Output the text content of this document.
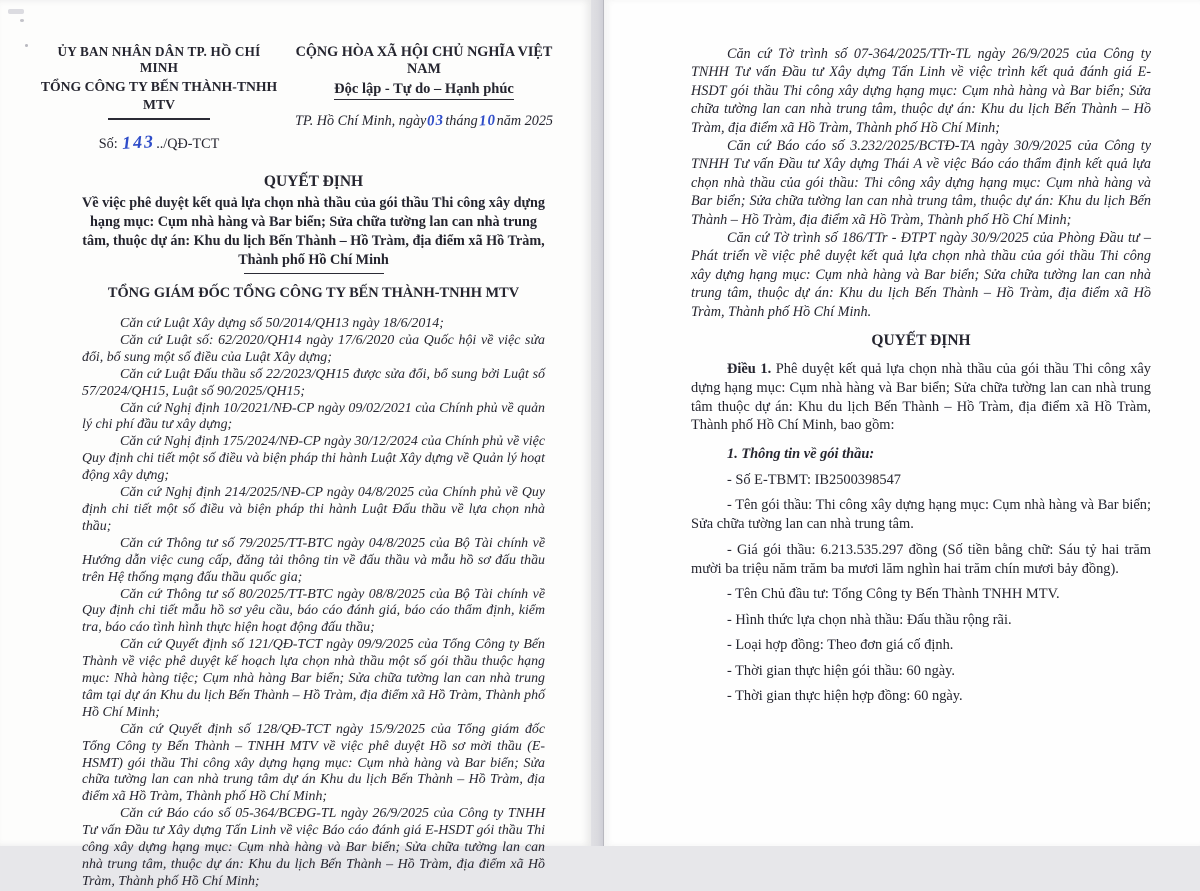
ỦY BAN NHÂN DÂN TP. HỒ CHÍ MINH
TỔNG CÔNG TY BẾN THÀNH-TNHH MTV
Số: 143../QĐ-TCT
CỘNG HÒA XÃ HỘI CHỦ NGHĨA VIỆT NAM
Độc lập - Tự do – Hạnh phúc
TP. Hồ Chí Minh, ngày03tháng10năm 2025
QUYẾT ĐỊNH
Về việc phê duyệt kết quả lựa chọn nhà thầu của gói thầu Thi công xây dựng hạng mục: Cụm nhà hàng và Bar biển; Sửa chữa tường lan can nhà trung tâm, thuộc dự án: Khu du lịch Bến Thành – Hồ Tràm, địa điểm xã Hồ Tràm, Thành phố Hồ Chí Minh
TỔNG GIÁM ĐỐC TỔNG CÔNG TY BẾN THÀNH-TNHH MTV

Căn cứ Luật Xây dựng số 50/2014/QH13 ngày 18/6/2014;

Căn cứ Luật số: 62/2020/QH14 ngày 17/6/2020 của Quốc hội về việc sửa đổi, bổ sung một số điều của Luật Xây dựng;

Căn cứ Luật Đấu thầu số 22/2023/QH15 được sửa đổi, bổ sung bởi Luật số 57/2024/QH15, Luật số 90/2025/QH15;

Căn cứ Nghị định 10/2021/NĐ-CP ngày 09/02/2021 của Chính phủ về quản lý chi phí đầu tư xây dựng;

Căn cứ Nghị định 175/2024/NĐ-CP ngày 30/12/2024 của Chính phủ về việc Quy định chi tiết một số điều và biện pháp thi hành Luật Xây dựng về Quản lý hoạt động xây dựng;

Căn cứ Nghị định 214/2025/NĐ-CP ngày 04/8/2025 của Chính phủ về Quy định chi tiết một số điều và biện pháp thi hành Luật Đấu thầu về lựa chọn nhà thầu;

Căn cứ Thông tư số 79/2025/TT-BTC ngày 04/8/2025 của Bộ Tài chính về Hướng dẫn việc cung cấp, đăng tải thông tin về đấu thầu và mẫu hồ sơ đấu thầu trên Hệ thống mạng đấu thầu quốc gia;

Căn cứ Thông tư số 80/2025/TT-BTC ngày 08/8/2025 của Bộ Tài chính về Quy định chi tiết mẫu hồ sơ yêu cầu, báo cáo đánh giá, báo cáo thẩm định, kiểm tra, báo cáo tình hình thực hiện hoạt động đấu thầu;

Căn cứ Quyết định số 121/QĐ-TCT ngày 09/9/2025 của Tổng Công ty Bến Thành về việc phê duyệt kế hoạch lựa chọn nhà thầu một số gói thầu thuộc hạng mục: Nhà hàng tiệc; Cụm nhà hàng Bar biển; Sửa chữa tường lan can nhà trung tâm tại dự án Khu du lịch Bến Thành – Hồ Tràm, địa điểm xã Hồ Tràm, Thành phố Hồ Chí Minh;

Căn cứ Quyết định số 128/QĐ-TCT ngày 15/9/2025 của Tổng giám đốc Tổng Công ty Bến Thành – TNHH MTV về việc phê duyệt Hồ sơ mời thầu (E-HSMT) gói thầu Thi công xây dựng hạng mục: Cụm nhà hàng và Bar biển; Sửa chữa tường lan can nhà trung tâm dự án Khu du lịch Bến Thành – Hồ Tràm, địa điểm xã Hồ Tràm, Thành phố Hồ Chí Minh;

Căn cứ Báo cáo số 05-364/BCĐG-TL ngày 26/9/2025 của Công ty TNHH Tư vấn Đầu tư Xây dựng Tấn Linh về việc Báo cáo đánh giá E-HSDT gói thầu Thi công xây dựng hạng mục: Cụm nhà hàng và Bar biển; Sửa chữa tường lan can nhà trung tâm, thuộc dự án: Khu du lịch Bến Thành – Hồ Tràm, địa điểm xã Hồ Tràm, Thành phố Hồ Chí Minh;

Căn cứ Tờ trình số 07-364/2025/TTr-TL ngày 26/9/2025 của Công ty TNHH Tư vấn Đầu tư Xây dựng Tấn Linh về việc trình kết quả đánh giá E-HSDT gói thầu Thi công xây dựng hạng mục: Cụm nhà hàng và Bar biển; Sửa chữa tường lan can nhà trung tâm, thuộc dự án: Khu du lịch Bến Thành – Hồ Tràm, địa điểm xã Hồ Tràm, Thành phố Hồ Chí Minh;

Căn cứ Báo cáo số 3.232/2025/BCTĐ-TA ngày 30/9/2025 của Công ty TNHH Tư vấn Đầu tư Xây dựng Thái A về việc Báo cáo thẩm định kết quả lựa chọn nhà thầu của gói thầu: Thi công xây dựng hạng mục: Cụm nhà hàng và Bar biển; Sửa chữa tường lan can nhà trung tâm, thuộc dự án: Khu du lịch Bến Thành – Hồ Tràm, địa điểm xã Hồ Tràm, Thành phố Hồ Chí Minh;

Căn cứ Tờ trình số 186/TTr - ĐTPT ngày 30/9/2025 của Phòng Đầu tư – Phát triển về việc phê duyệt kết quả lựa chọn nhà thầu của gói thầu Thi công xây dựng hạng mục: Cụm nhà hàng và Bar biển; Sửa chữa tường lan can nhà trung tâm, thuộc dự án: Khu du lịch Bến Thành – Hồ Tràm, địa điểm xã Hồ Tràm, Thành phố Hồ Chí Minh.

QUYẾT ĐỊNH

Điều 1. Phê duyệt kết quả lựa chọn nhà thầu của gói thầu Thi công xây dựng hạng mục: Cụm nhà hàng và Bar biển; Sửa chữa tường lan can nhà trung tâm thuộc dự án: Khu du lịch Bến Thành – Hồ Tràm, địa điểm xã Hồ Tràm, Thành phố Hồ Chí Minh, bao gồm:

1. Thông tin về gói thầu:

- Số E-TBMT: IB2500398547

- Tên gói thầu: Thi công xây dựng hạng mục: Cụm nhà hàng và Bar biển; Sửa chữa tường lan can nhà trung tâm.

- Giá gói thầu: 6.213.535.297 đồng (Số tiền bằng chữ: Sáu tỷ hai trăm mười ba triệu năm trăm ba mươi lăm nghìn hai trăm chín mươi bảy đồng).

- Tên Chủ đầu tư: Tổng Công ty Bến Thành TNHH MTV.

- Hình thức lựa chọn nhà thầu: Đấu thầu rộng rãi.

- Loại hợp đồng: Theo đơn giá cố định.

- Thời gian thực hiện gói thầu: 60 ngày.

- Thời gian thực hiện hợp đồng: 60 ngày.
